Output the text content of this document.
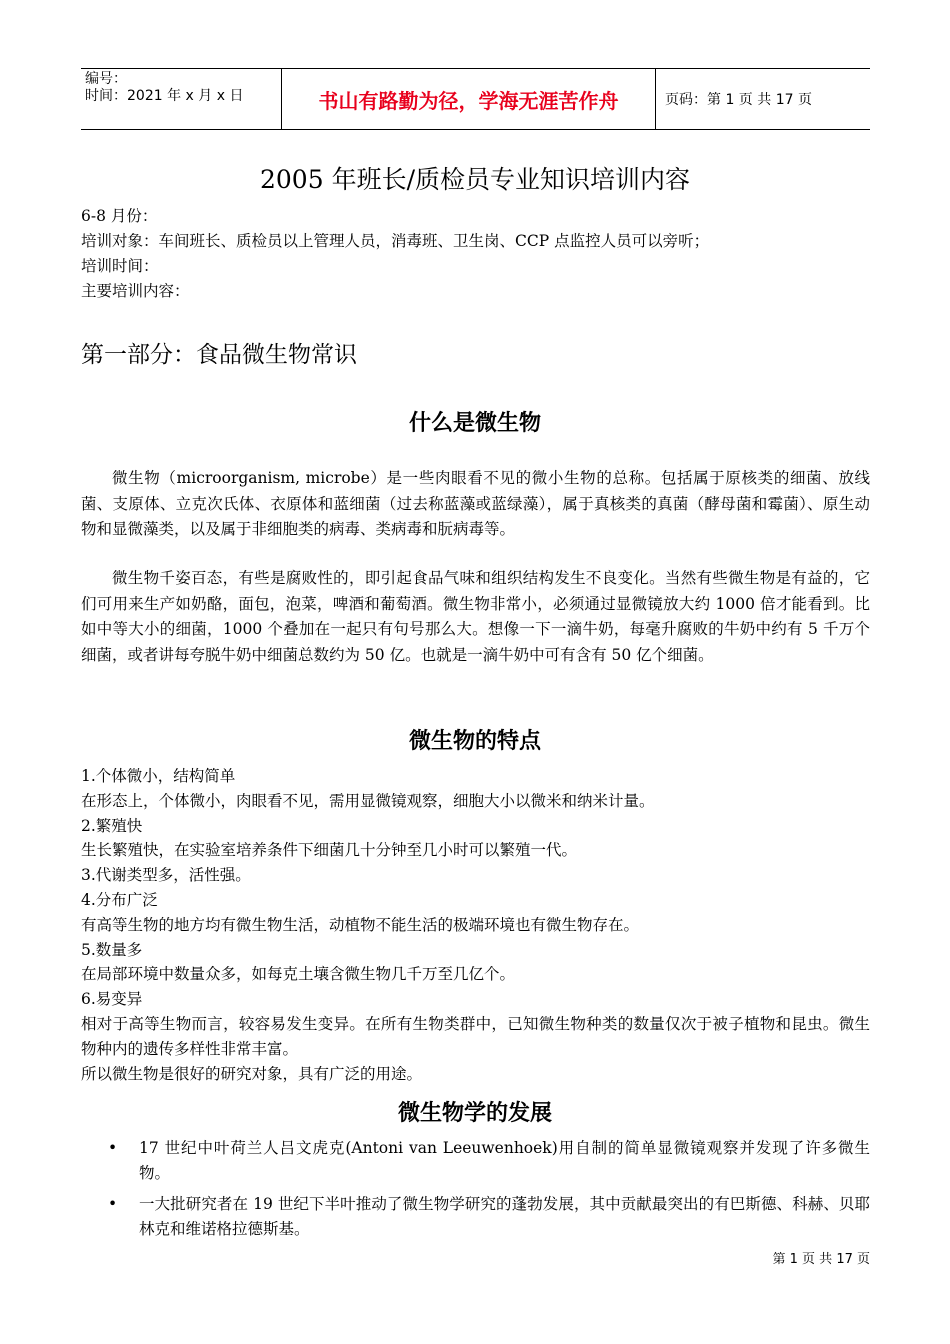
编号：
时间：2021 年 x 月 x 日	书山有路勤为径，学海无涯苦作舟	页码：第 1 页 共 17 页
2005 年班长/质检员专业知识培训内容
6-8 月份：
培训对象：车间班长、质检员以上管理人员，消毒班、卫生岗、CCP 点监控人员可以旁听；
培训时间：
主要培训内容：
第一部分：食品微生物常识
什么是微生物
微生物（microorganism, microbe）是一些肉眼看不见的微小生物的总称。包括属于原核类的细菌、放线菌、支原体、立克次氏体、衣原体和蓝细菌（过去称蓝藻或蓝绿藻），属于真核类的真菌（酵母菌和霉菌）、原生动物和显微藻类，以及属于非细胞类的病毒、类病毒和朊病毒等。
微生物千姿百态，有些是腐败性的，即引起食品气味和组织结构发生不良变化。当然有些微生物是有益的，它们可用来生产如奶酪，面包，泡菜，啤酒和葡萄酒。微生物非常小，必须通过显微镜放大约 1000 倍才能看到。比如中等大小的细菌，1000 个叠加在一起只有句号那么大。想像一下一滴牛奶，每毫升腐败的牛奶中约有 5 千万个细菌，或者讲每夸脱牛奶中细菌总数约为 50 亿。也就是一滴牛奶中可有含有 50 亿个细菌。
微生物的特点
1.个体微小，结构简单
在形态上，个体微小，肉眼看不见，需用显微镜观察，细胞大小以微米和纳米计量。
2.繁殖快
生长繁殖快，在实验室培养条件下细菌几十分钟至几小时可以繁殖一代。
3.代谢类型多，活性强。
4.分布广泛
有高等生物的地方均有微生物生活，动植物不能生活的极端环境也有微生物存在。
5.数量多
在局部环境中数量众多，如每克土壤含微生物几千万至几亿个。
6.易变异
相对于高等生物而言，较容易发生变异。在所有生物类群中，已知微生物种类的数量仅次于被子植物和昆虫。微生物种内的遗传多样性非常丰富。
所以微生物是很好的研究对象，具有广泛的用途。
微生物学的发展
• 17 世纪中叶荷兰人吕文虎克(Antoni van Leeuwenhoek)用自制的简单显微镜观察并发现了许多微生物。
• 一大批研究者在 19 世纪下半叶推动了微生物学研究的蓬勃发展，其中贡献最突出的有巴斯德、科赫、贝耶林克和维诺格拉德斯基。
第 1 页 共 17 页
